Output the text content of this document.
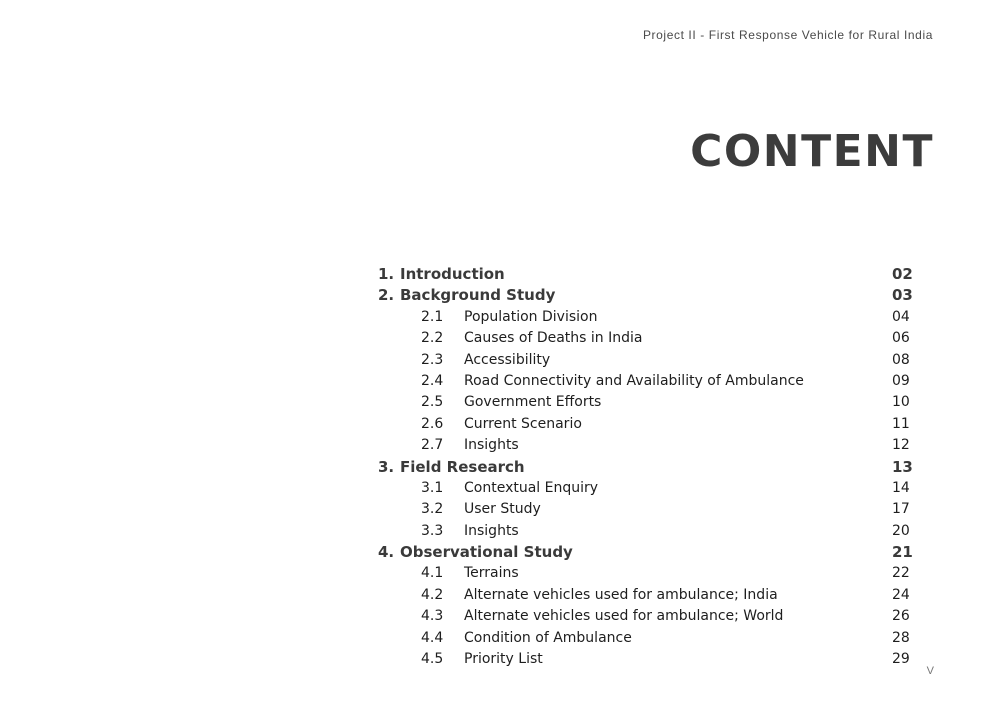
Project II - First Response Vehicle for Rural India
CONTENT
1. Introduction	02
2. Background Study	03
2.1 Population Division	04
2.2 Causes of Deaths in India	06
2.3 Accessibility	08
2.4 Road Connectivity and Availability of Ambulance	09
2.5 Government Efforts	10
2.6 Current Scenario	11
2.7 Insights	12
3. Field Research	13
3.1 Contextual Enquiry	14
3.2 User Study	17
3.3 Insights	20
4. Observational Study	21
4.1 Terrains	22
4.2 Alternate vehicles used for ambulance; India	24
4.3 Alternate vehicles used for ambulance; World	26
4.4 Condition of Ambulance	28
4.5 Priority List	29
V
